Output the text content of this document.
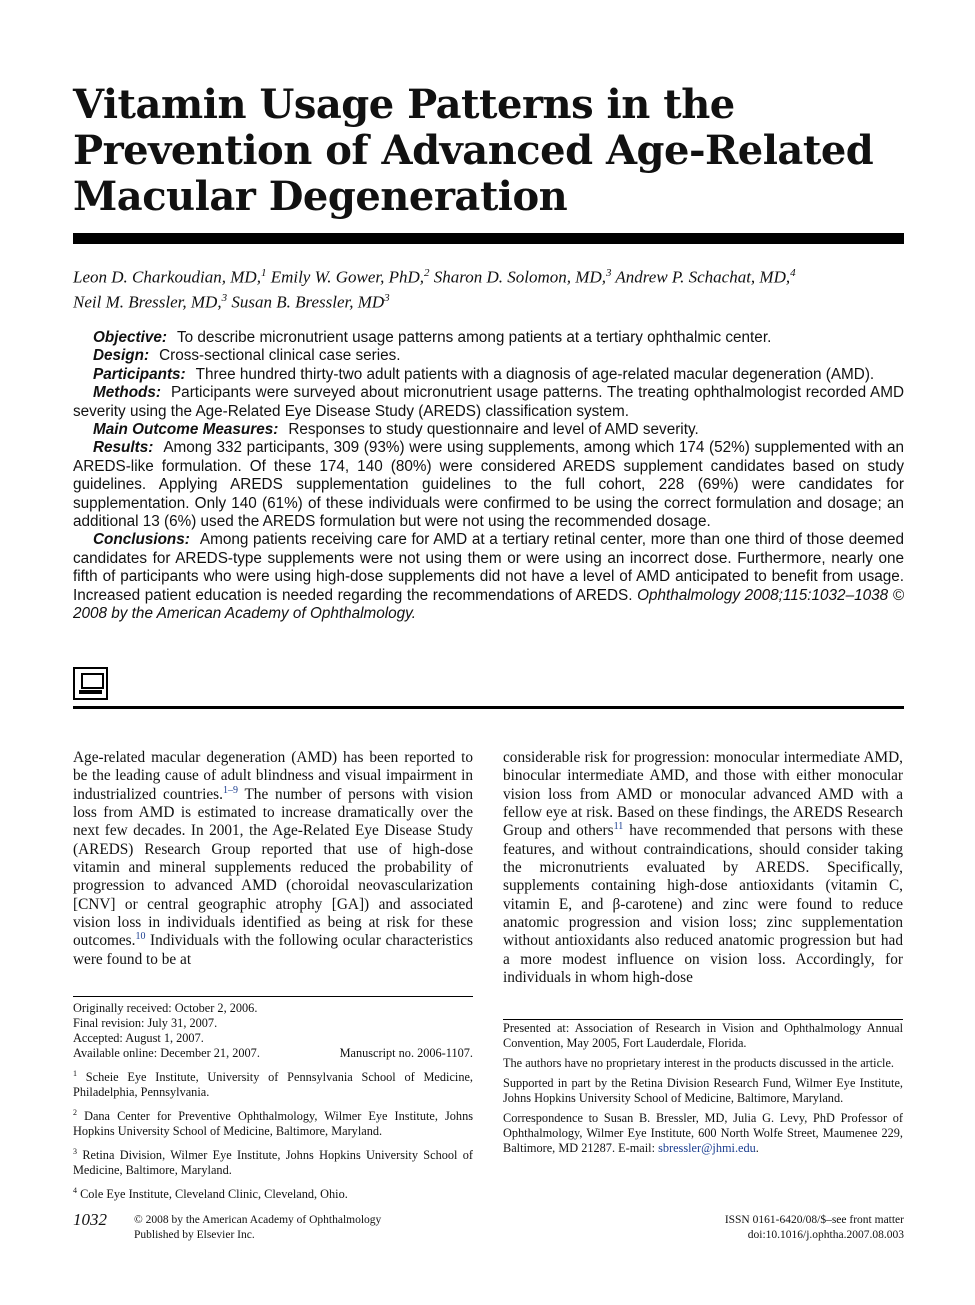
Vitamin Usage Patterns in the
Prevention of Advanced Age-Related
Macular Degeneration
Leon D. Charkoudian, MD,$^1$ Emily W. Gower, PhD,$^2$ Sharon D. Solomon, MD,$^3$ Andrew P. Schachat, MD,$^4$
Neil M. Bressler, MD,$^3$ Susan B. Bressler, $MD^3$

Objective: To describe micronutrient usage patterns among patients at a tertiary ophthalmic center.

Design: Cross-sectional clinical case series.

Participants: Three hundred thirty-two adult patients with a diagnosis of age-related macular degeneration (AMD).

Methods: Participants were surveyed about micronutrient usage patterns. The treating ophthalmologist recorded AMD severity using the Age-Related Eye Disease Study (AREDS) classification system.

Main Outcome Measures: Responses to study questionnaire and level of AMD severity.

Results: Among 332 participants, 309 (93%) were using supplements, among which 174 (52%) supplemented with an AREDS-like formulation. Of these 174, 140 (80%) were considered AREDS supplement candidates based on study guidelines. Applying AREDS supplementation guidelines to the full cohort, 228 (69%) were candidates for supplementation. Only 140 (61%) of these individuals were confirmed to be using the correct formulation and dosage; an additional 13 (6%) used the AREDS formulation but were not using the recommended dosage.

Conclusions: Among patients receiving care for AMD at a tertiary retinal center, more than one third of those deemed candidates for AREDS-type supplements were not using them or were using an incorrect dose. Furthermore, nearly one fifth of participants who were using high-dose supplements did not have a level of AMD anticipated to benefit from usage. Increased patient education is needed regarding the recommendations of AREDS. Ophthalmology 2008;115:1032–1038 © 2008 by the American Academy of Ophthalmology.

Age-related macular degeneration (AMD) has been reported to be the leading cause of adult blindness and visual impairment in industrialized countries.$^{1-9}$ The number of persons with vision loss from AMD is estimated to increase dramatically over the next few decades. In 2001, the Age-Related Eye Disease Study (AREDS) Research Group reported that use of high-dose vitamin and mineral supplements reduced the probability of progression to advanced AMD (choroidal neovascularization [CNV] or central geographic atrophy [GA]) and associated vision loss in individuals identified as being at risk for these outcomes.$^{10}$ Individuals with the following ocular characteristics were found to be at

considerable risk for progression: monocular intermediate AMD, binocular intermediate AMD, and those with either monocular vision loss from AMD or monocular advanced AMD with a fellow eye at risk. Based on these findings, the AREDS Research Group and others$^{11}$ have recommended that persons with these features, and without contraindications, should consider taking the micronutrients evaluated by AREDS. Specifically, supplements containing high-dose antioxidants (vitamin C, vitamin E, and β-carotene) and zinc were found to reduce anatomic progression and vision loss; zinc supplementation without antioxidants also reduced anatomic progression but had a more modest influence on vision loss. Accordingly, for individuals in whom high-dose

Originally received: October 2, 2006.
Final revision: July 31, 2007.
Accepted: August 1, 2007.
Available online: December 21, 2007.	Manuscript no. 2006-1107.

$^1$ Scheie Eye Institute, University of Pennsylvania School of Medicine, Philadelphia, Pennsylvania.

$^2$ Dana Center for Preventive Ophthalmology, Wilmer Eye Institute, Johns Hopkins University School of Medicine, Baltimore, Maryland.

$^3$ Retina Division, Wilmer Eye Institute, Johns Hopkins University School of Medicine, Baltimore, Maryland.

$^4$ Cole Eye Institute, Cleveland Clinic, Cleveland, Ohio.

Presented at: Association of Research in Vision and Ophthalmology Annual Convention, May 2005, Fort Lauderdale, Florida.

The authors have no proprietary interest in the products discussed in the article.

Supported in part by the Retina Division Research Fund, Wilmer Eye Institute, Johns Hopkins University School of Medicine, Baltimore, Maryland.

Correspondence to Susan B. Bressler, MD, Julia G. Levy, PhD Professor of Ophthalmology, Wilmer Eye Institute, 600 North Wolfe Street, Maumenee 229, Baltimore, MD 21287. E-mail: sbressler@jhmi.edu.

1032 © 2008 by the American Academy of Ophthalmology
Published by Elsevier Inc.
ISSN 0161-6420/08/$–see front matter
doi:10.1016/j.ophtha.2007.08.003
